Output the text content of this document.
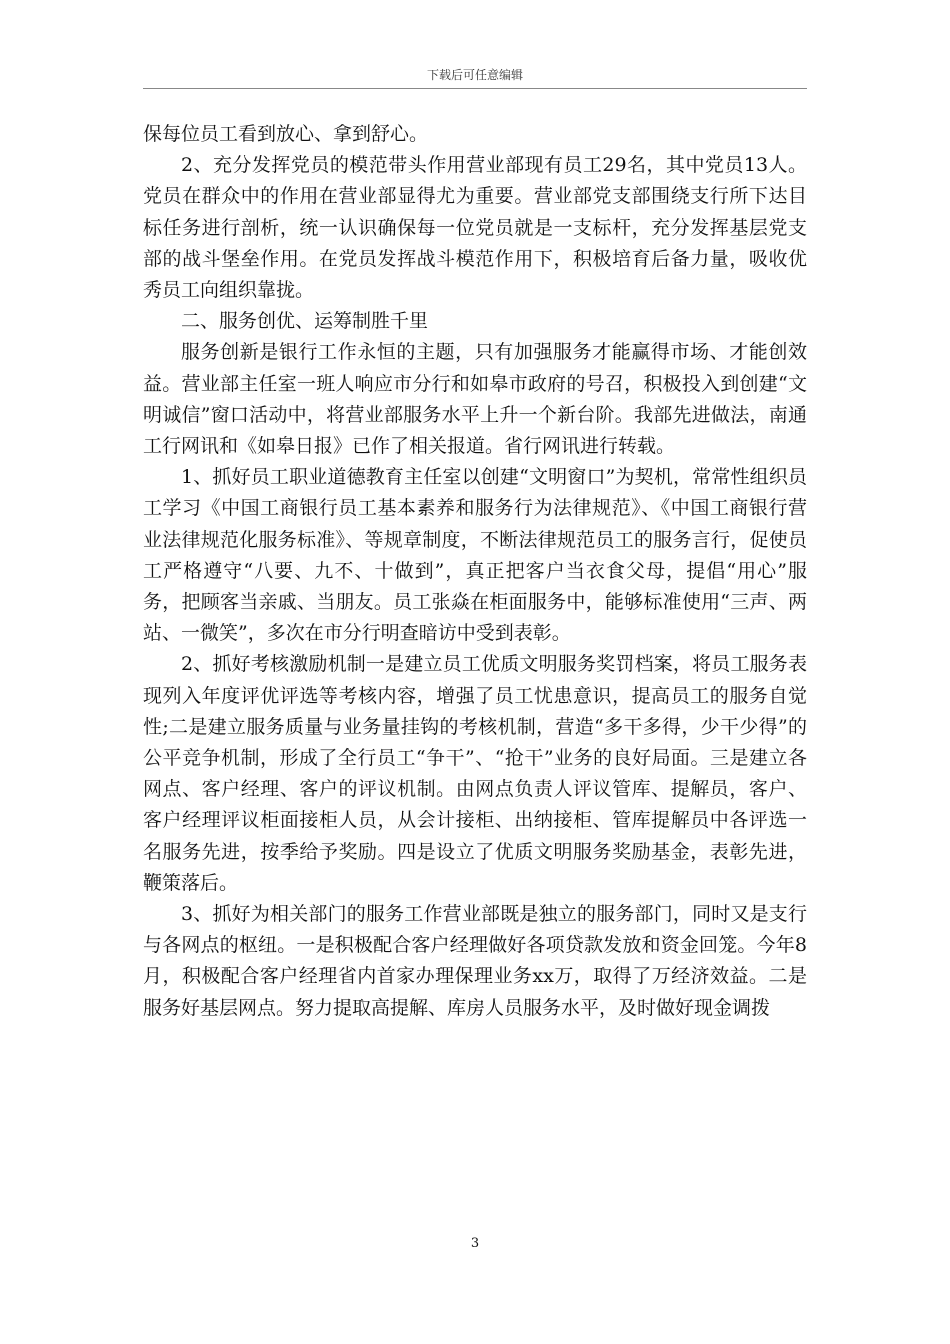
下载后可任意编辑

保每位员工看到放心、拿到舒心。

2、充分发挥党员的模范带头作用营业部现有员工29名，其中党员13人。党员在群众中的作用在营业部显得尤为重要。营业部党支部围绕支行所下达目标任务进行剖析，统一认识确保每一位党员就是一支标杆，充分发挥基层党支部的战斗堡垒作用。在党员发挥战斗模范作用下，积极培育后备力量，吸收优秀员工向组织靠拢。

二、服务创优、运筹制胜千里

服务创新是银行工作永恒的主题，只有加强服务才能赢得市场、才能创效益。营业部主任室一班人响应市分行和如皋市政府的号召，积极投入到创建“文明诚信”窗口活动中，将营业部服务水平上升一个新台阶。我部先进做法，南通工行网讯和《如皋日报》已作了相关报道。省行网讯进行转载。

1、抓好员工职业道德教育主任室以创建“文明窗口”为契机，常常性组织员工学习《中国工商银行员工基本素养和服务行为法律规范》、《中国工商银行营业法律规范化服务标准》、等规章制度，不断法律规范员工的服务言行，促使员工严格遵守“八要、九不、十做到”，真正把客户当衣食父母，提倡“用心”服务，把顾客当亲戚、当朋友。员工张焱在柜面服务中，能够标准使用“三声、两站、一微笑”，多次在市分行明查暗访中受到表彰。

2、抓好考核激励机制一是建立员工优质文明服务奖罚档案，将员工服务表现列入年度评优评选等考核内容，增强了员工忧患意识，提高员工的服务自觉性;二是建立服务质量与业务量挂钩的考核机制，营造“多干多得，少干少得”的公平竞争机制，形成了全行员工“争干”、“抢干”业务的良好局面。三是建立各网点、客户经理、客户的评议机制。由网点负责人评议管库、提解员，客户、客户经理评议柜面接柜人员，从会计接柜、出纳接柜、管库提解员中各评选一名服务先进，按季给予奖励。四是设立了优质文明服务奖励基金，表彰先进，鞭策落后。

3、抓好为相关部门的服务工作营业部既是独立的服务部门，同时又是支行与各网点的枢纽。一是积极配合客户经理做好各项贷款发放和资金回笼。今年8月，积极配合客户经理省内首家办理保理业务xx万，取得了万经济效益。二是服务好基层网点。努力提取高提解、库房人员服务水平，及时做好现金调拨

3
